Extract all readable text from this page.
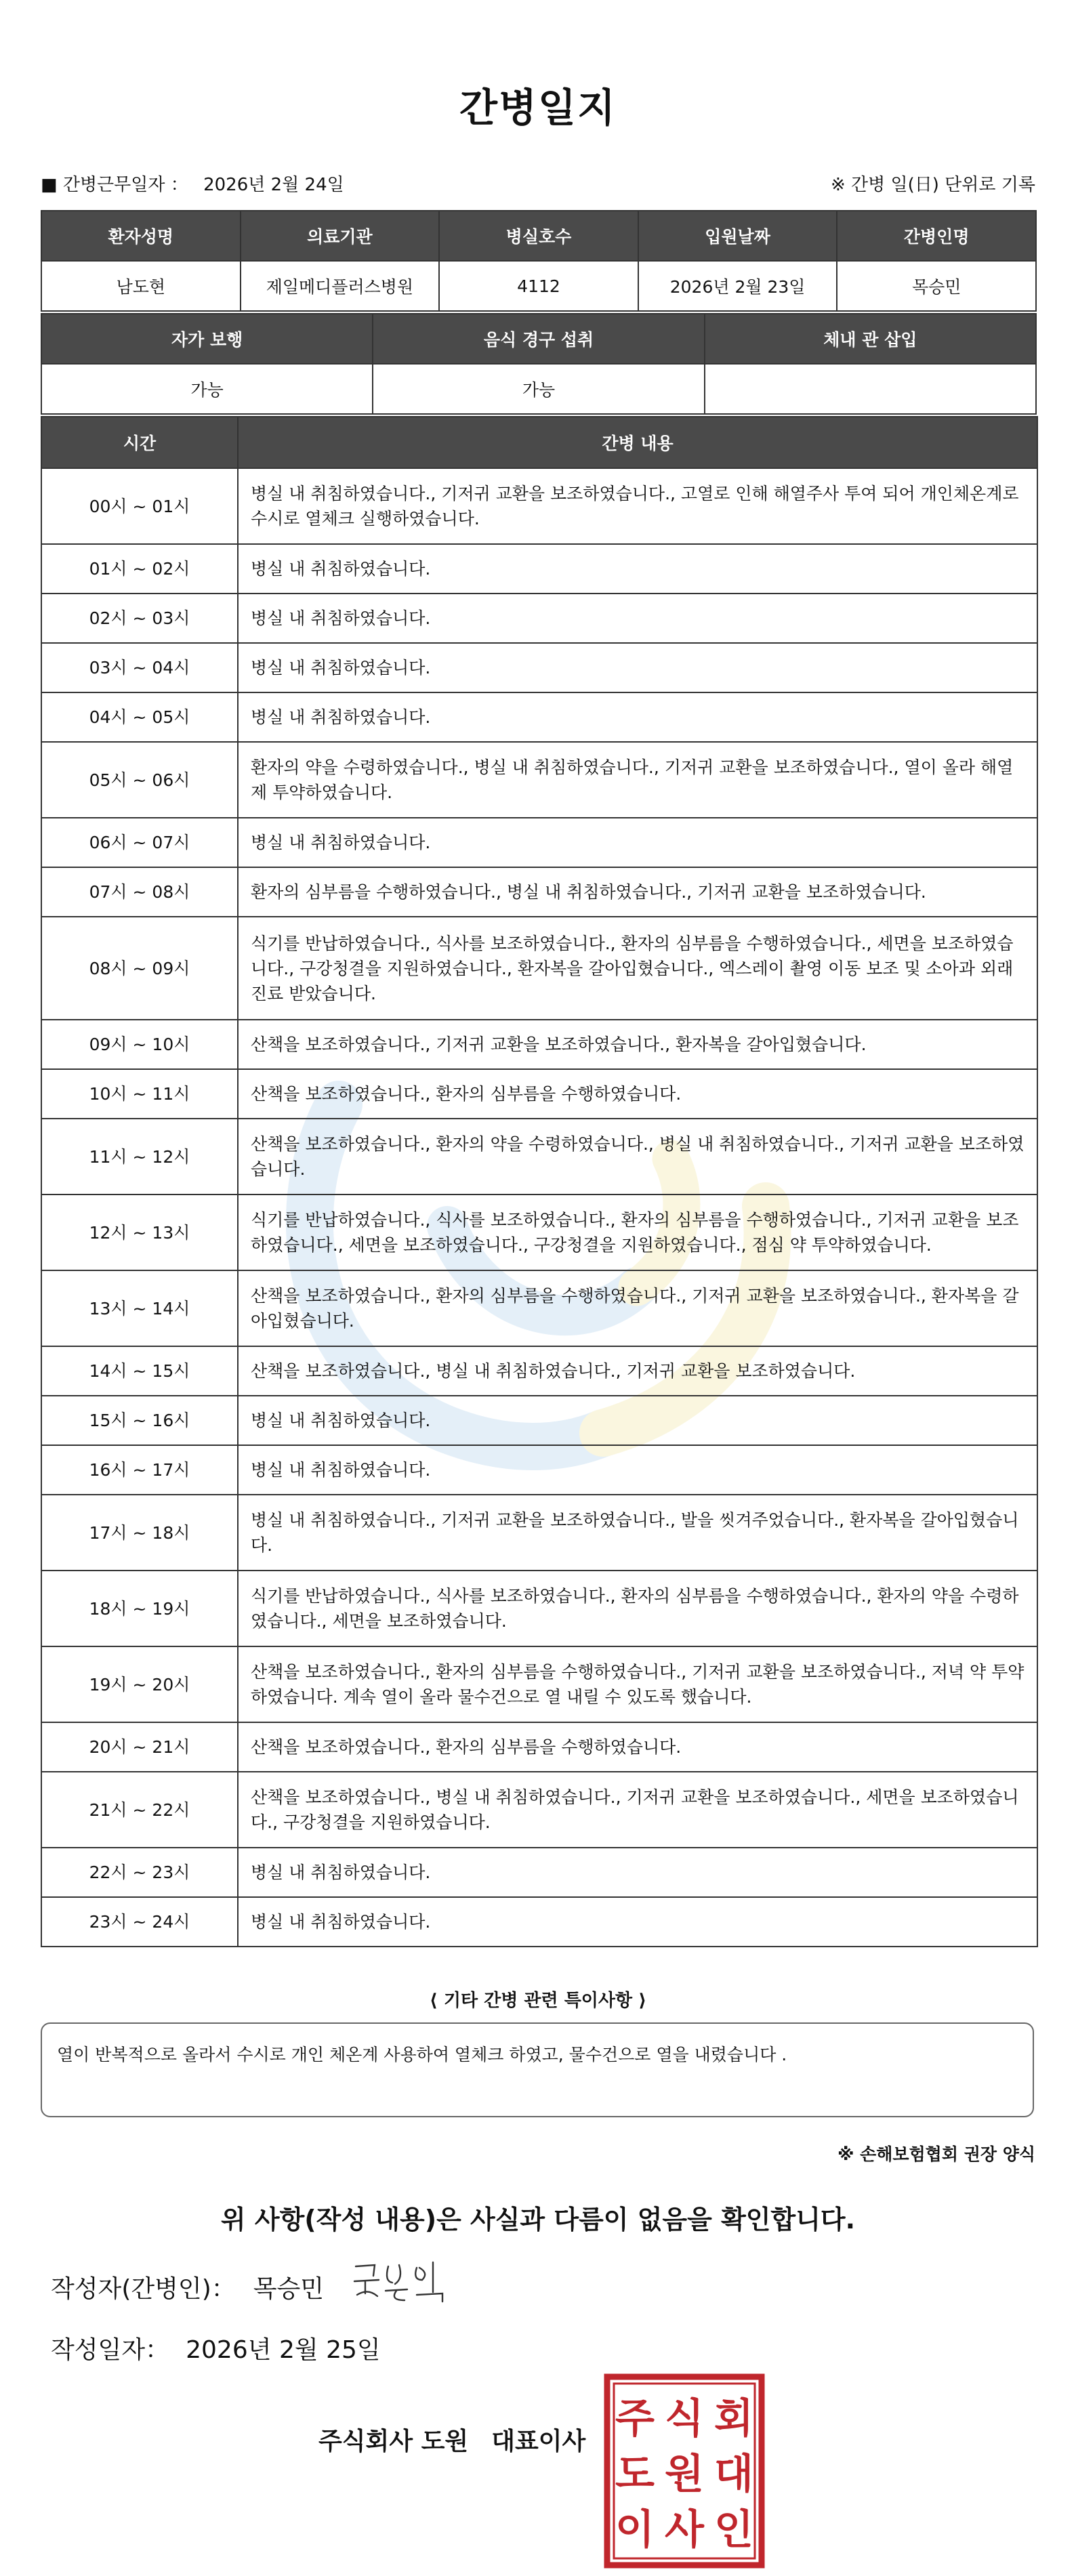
간병일지
■ 간병근무일자 ： 2026년 2월 24일	※ 간병 일(日) 단위로 기록
환자성명	의료기관	병실호수	입원날짜	간병인명
남도현	제일메디플러스병원	4112	2026년 2월 23일	목승민
자가 보행	음식 경구 섭취	체내 관 삽입
가능	가능	
시간	간병 내용
00시 ~ 01시	병실 내 취침하였습니다., 기저귀 교환을 보조하였습니다., 고열로 인해 해열주사 투여 되어 개인체온계로 수시로 열체크 실행하였습니다.
01시 ~ 02시	병실 내 취침하였습니다.
02시 ~ 03시	병실 내 취침하였습니다.
03시 ~ 04시	병실 내 취침하였습니다.
04시 ~ 05시	병실 내 취침하였습니다.
05시 ~ 06시	환자의 약을 수령하였습니다., 병실 내 취침하였습니다., 기저귀 교환을 보조하였습니다., 열이 올라 해열제 투약하였습니다.
06시 ~ 07시	병실 내 취침하였습니다.
07시 ~ 08시	환자의 심부름을 수행하였습니다., 병실 내 취침하였습니다., 기저귀 교환을 보조하였습니다.
08시 ~ 09시	식기를 반납하였습니다., 식사를 보조하였습니다., 환자의 심부름을 수행하였습니다., 세면을 보조하였습니다., 구강청결을 지원하였습니다., 환자복을 갈아입혔습니다., 엑스레이 촬영 이동 보조 및 소아과 외래진료 받았습니다.
09시 ~ 10시	산책을 보조하였습니다., 기저귀 교환을 보조하였습니다., 환자복을 갈아입혔습니다.
10시 ~ 11시	산책을 보조하였습니다., 환자의 심부름을 수행하였습니다.
11시 ~ 12시	산책을 보조하였습니다., 환자의 약을 수령하였습니다., 병실 내 취침하였습니다., 기저귀 교환을 보조하였습니다.
12시 ~ 13시	식기를 반납하였습니다., 식사를 보조하였습니다., 환자의 심부름을 수행하였습니다., 기저귀 교환을 보조하였습니다., 세면을 보조하였습니다., 구강청결을 지원하였습니다., 점심 약 투약하였습니다.
13시 ~ 14시	산책을 보조하였습니다., 환자의 심부름을 수행하였습니다., 기저귀 교환을 보조하였습니다., 환자복을 갈아입혔습니다.
14시 ~ 15시	산책을 보조하였습니다., 병실 내 취침하였습니다., 기저귀 교환을 보조하였습니다.
15시 ~ 16시	병실 내 취침하였습니다.
16시 ~ 17시	병실 내 취침하였습니다.
17시 ~ 18시	병실 내 취침하였습니다., 기저귀 교환을 보조하였습니다., 발을 씻겨주었습니다., 환자복을 갈아입혔습니다.
18시 ~ 19시	식기를 반납하였습니다., 식사를 보조하였습니다., 환자의 심부름을 수행하였습니다., 환자의 약을 수령하였습니다., 세면을 보조하였습니다.
19시 ~ 20시	산책을 보조하였습니다., 환자의 심부름을 수행하였습니다., 기저귀 교환을 보조하였습니다., 저녁 약 투약하였습니다. 계속 열이 올라 물수건으로 열 내릴 수 있도록 했습니다.
20시 ~ 21시	산책을 보조하였습니다., 환자의 심부름을 수행하였습니다.
21시 ~ 22시	산책을 보조하였습니다., 병실 내 취침하였습니다., 기저귀 교환을 보조하였습니다., 세면을 보조하였습니다., 구강청결을 지원하였습니다.
22시 ~ 23시	병실 내 취침하였습니다.
23시 ~ 24시	병실 내 취침하였습니다.
⟨ 기타 간병 관련 특이사항 ⟩
열이 반복적으로 올라서 수시로 개인 체온계 사용하여 열체크 하였고, 물수건으로 열을 내렸습니다 .
※ 손해보험협회 권장 양식
위 사항(작성 내용)은 사실과 다름이 없음을 확인합니다.
작성자(간병인)： 목승민
작성일자： 2026년 2월 25일
주식회사 도원 대표이사 주 식 회
도 원 대
이 사 인
